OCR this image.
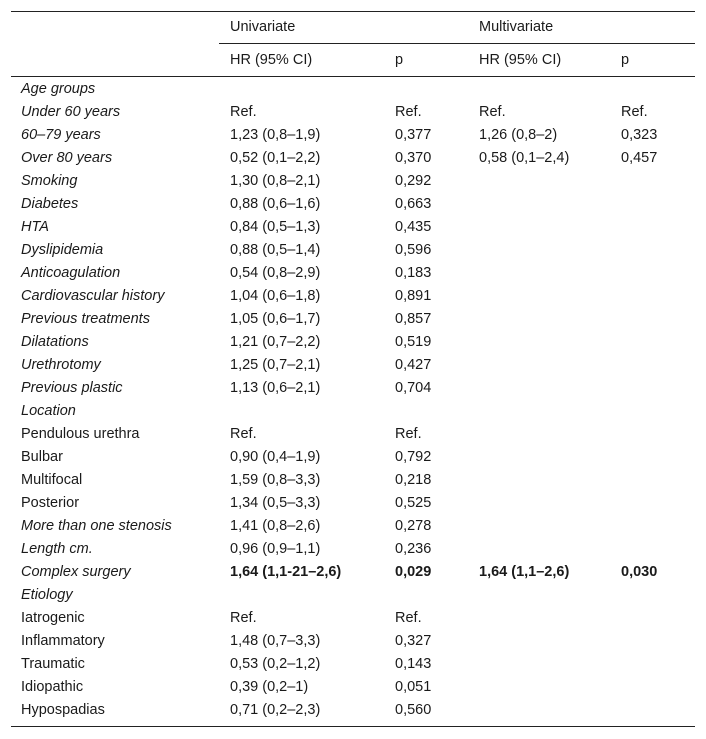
Univariate	Multivariate
HR (95% CI)	p	HR (95% CI)	p
Age groups
Under 60 years	Ref.	Ref.	Ref.	Ref.
60–79 years	1,23 (0,8–1,9)	0,377	1,26 (0,8–2)	0,323
Over 80 years	0,52 (0,1–2,2)	0,370	0,58 (0,1–2,4)	0,457
Smoking	1,30 (0,8–2,1)	0,292
Diabetes	0,88 (0,6–1,6)	0,663
HTA	0,84 (0,5–1,3)	0,435
Dyslipidemia	0,88 (0,5–1,4)	0,596
Anticoagulation	0,54 (0,8–2,9)	0,183
Cardiovascular history	1,04 (0,6–1,8)	0,891
Previous treatments	1,05 (0,6–1,7)	0,857
Dilatations	1,21 (0,7–2,2)	0,519
Urethrotomy	1,25 (0,7–2,1)	0,427
Previous plastic	1,13 (0,6–2,1)	0,704
Location
Pendulous urethra	Ref.	Ref.
Bulbar	0,90 (0,4–1,9)	0,792
Multifocal	1,59 (0,8–3,3)	0,218
Posterior	1,34 (0,5–3,3)	0,525
More than one stenosis	1,41 (0,8–2,6)	0,278
Length cm.	0,96 (0,9–1,1)	0,236
Complex surgery	1,64 (1,1-21–2,6)	0,029	1,64 (1,1–2,6)	0,030
Etiology
Iatrogenic	Ref.	Ref.
Inflammatory	1,48 (0,7–3,3)	0,327
Traumatic	0,53 (0,2–1,2)	0,143
Idiopathic	0,39 (0,2–1)	0,051
Hypospadias	0,71 (0,2–2,3)	0,560
